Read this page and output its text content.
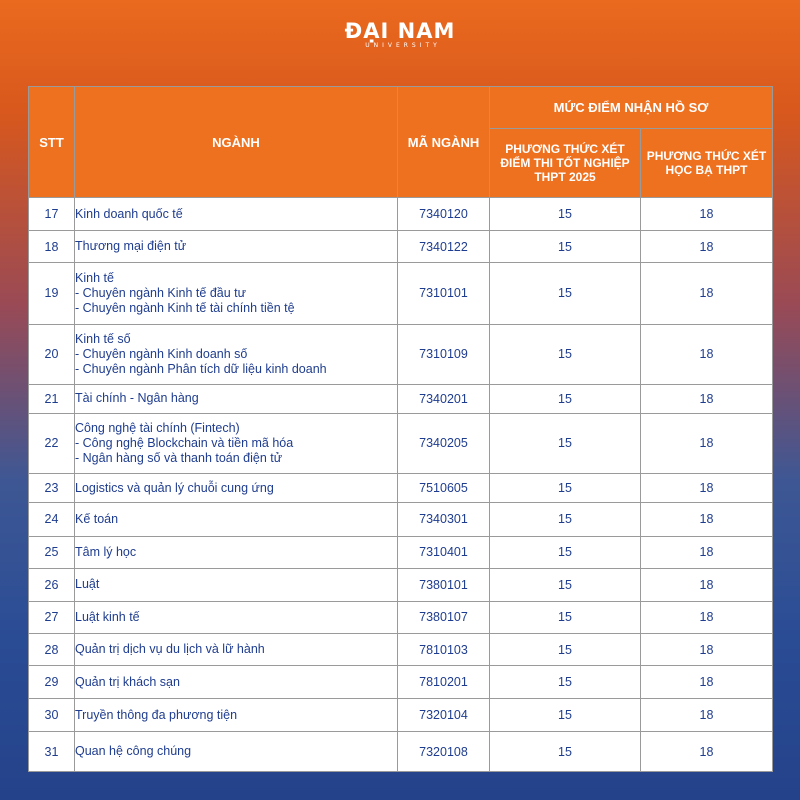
ĐẠI NAM
UNIVERSITY
STT	NGÀNH	MÃ NGÀNH	MỨC ĐIỂM NHẬN HỒ SƠ	
			PHƯƠNG THỨC XÉT ĐIỂM THI TỐT NGHIỆP THPT 2025	PHƯƠNG THỨC XÉT HỌC BẠ THPT
17	Kinh doanh quốc tế	7340120	15	18
18	Thương mại điện tử	7340122	15	18
19	Kinh tế
- Chuyên ngành Kinh tế đầu tư
- Chuyên ngành Kinh tế tài chính tiền tệ	7310101	15	18
20	Kinh tế số
- Chuyên ngành Kinh doanh số
- Chuyên ngành Phân tích dữ liệu kinh doanh	7310109	15	18
21	Tài chính - Ngân hàng	7340201	15	18
22	Công nghệ tài chính (Fintech)
- Công nghệ Blockchain và tiền mã hóa
- Ngân hàng số và thanh toán điện tử	7340205	15	18
23	Logistics và quản lý chuỗi cung ứng	7510605	15	18
24	Kế toán	7340301	15	18
25	Tâm lý học	7310401	15	18
26	Luật	7380101	15	18
27	Luật kinh tế	7380107	15	18
28	Quản trị dịch vụ du lịch và lữ hành	7810103	15	18
29	Quản trị khách sạn	7810201	15	18
30	Truyền thông đa phương tiện	7320104	15	18
31	Quan hệ công chúng	7320108	15	18
